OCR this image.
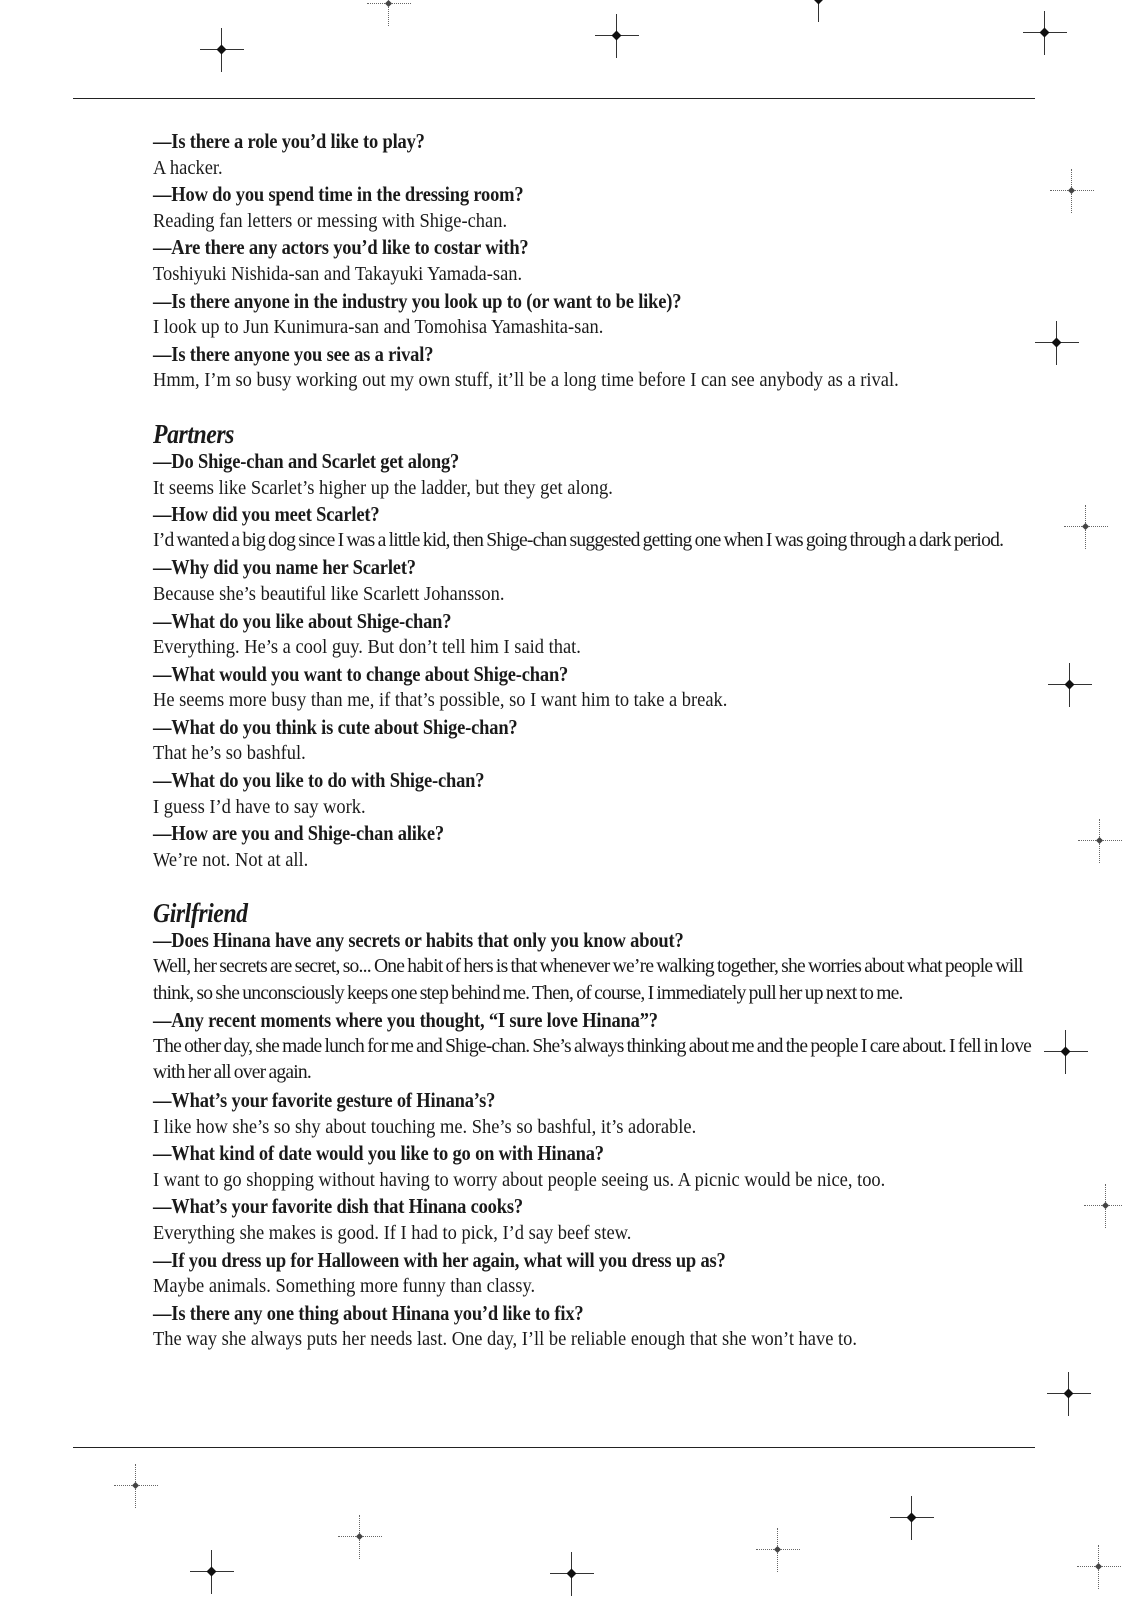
—Is there a role you’d like to play?

A hacker.

—How do you spend time in the dressing room?

Reading fan letters or messing with Shige-chan.

—Are there any actors you’d like to costar with?

Toshiyuki Nishida-san and Takayuki Yamada-san.

—Is there anyone in the industry you look up to (or want to be like)?

I look up to Jun Kunimura-san and Tomohisa Yamashita-san.

—Is there anyone you see as a rival?

Hmm, I’m so busy working out my own stuff, it’ll be a long time before I can see anybody as a rival.

Partners

—Do Shige-chan and Scarlet get along?

It seems like Scarlet’s higher up the ladder, but they get along.

—How did you meet Scarlet?

I’d wanted a big dog since I was a little kid, then Shige-chan suggested getting one when I was going through a dark period.

—Why did you name her Scarlet?

Because she’s beautiful like Scarlett Johansson.

—What do you like about Shige-chan?

Everything. He’s a cool guy. But don’t tell him I said that.

—What would you want to change about Shige-chan?

He seems more busy than me, if that’s possible, so I want him to take a break.

—What do you think is cute about Shige-chan?

That he’s so bashful.

—What do you like to do with Shige-chan?

I guess I’d have to say work.

—How are you and Shige-chan alike?

We’re not. Not at all.

Girlfriend

—Does Hinana have any secrets or habits that only you know about?

Well, her secrets are secret, so... One habit of hers is that whenever we’re walking together, she worries about what people will think, so she unconsciously keeps one step behind me. Then, of course, I immediately pull her up next to me.

—Any recent moments where you thought, “I sure love Hinana”?

The other day, she made lunch for me and Shige-chan. She’s always thinking about me and the people I care about. I fell in love with her all over again.

—What’s your favorite gesture of Hinana’s?

I like how she’s so shy about touching me. She’s so bashful, it’s adorable.

—What kind of date would you like to go on with Hinana?

I want to go shopping without having to worry about people seeing us. A picnic would be nice, too.

—What’s your favorite dish that Hinana cooks?

Everything she makes is good. If I had to pick, I’d say beef stew.

—If you dress up for Halloween with her again, what will you dress up as?

Maybe animals. Something more funny than classy.

—Is there any one thing about Hinana you’d like to fix?

The way she always puts her needs last. One day, I’ll be reliable enough that she won’t have to.
